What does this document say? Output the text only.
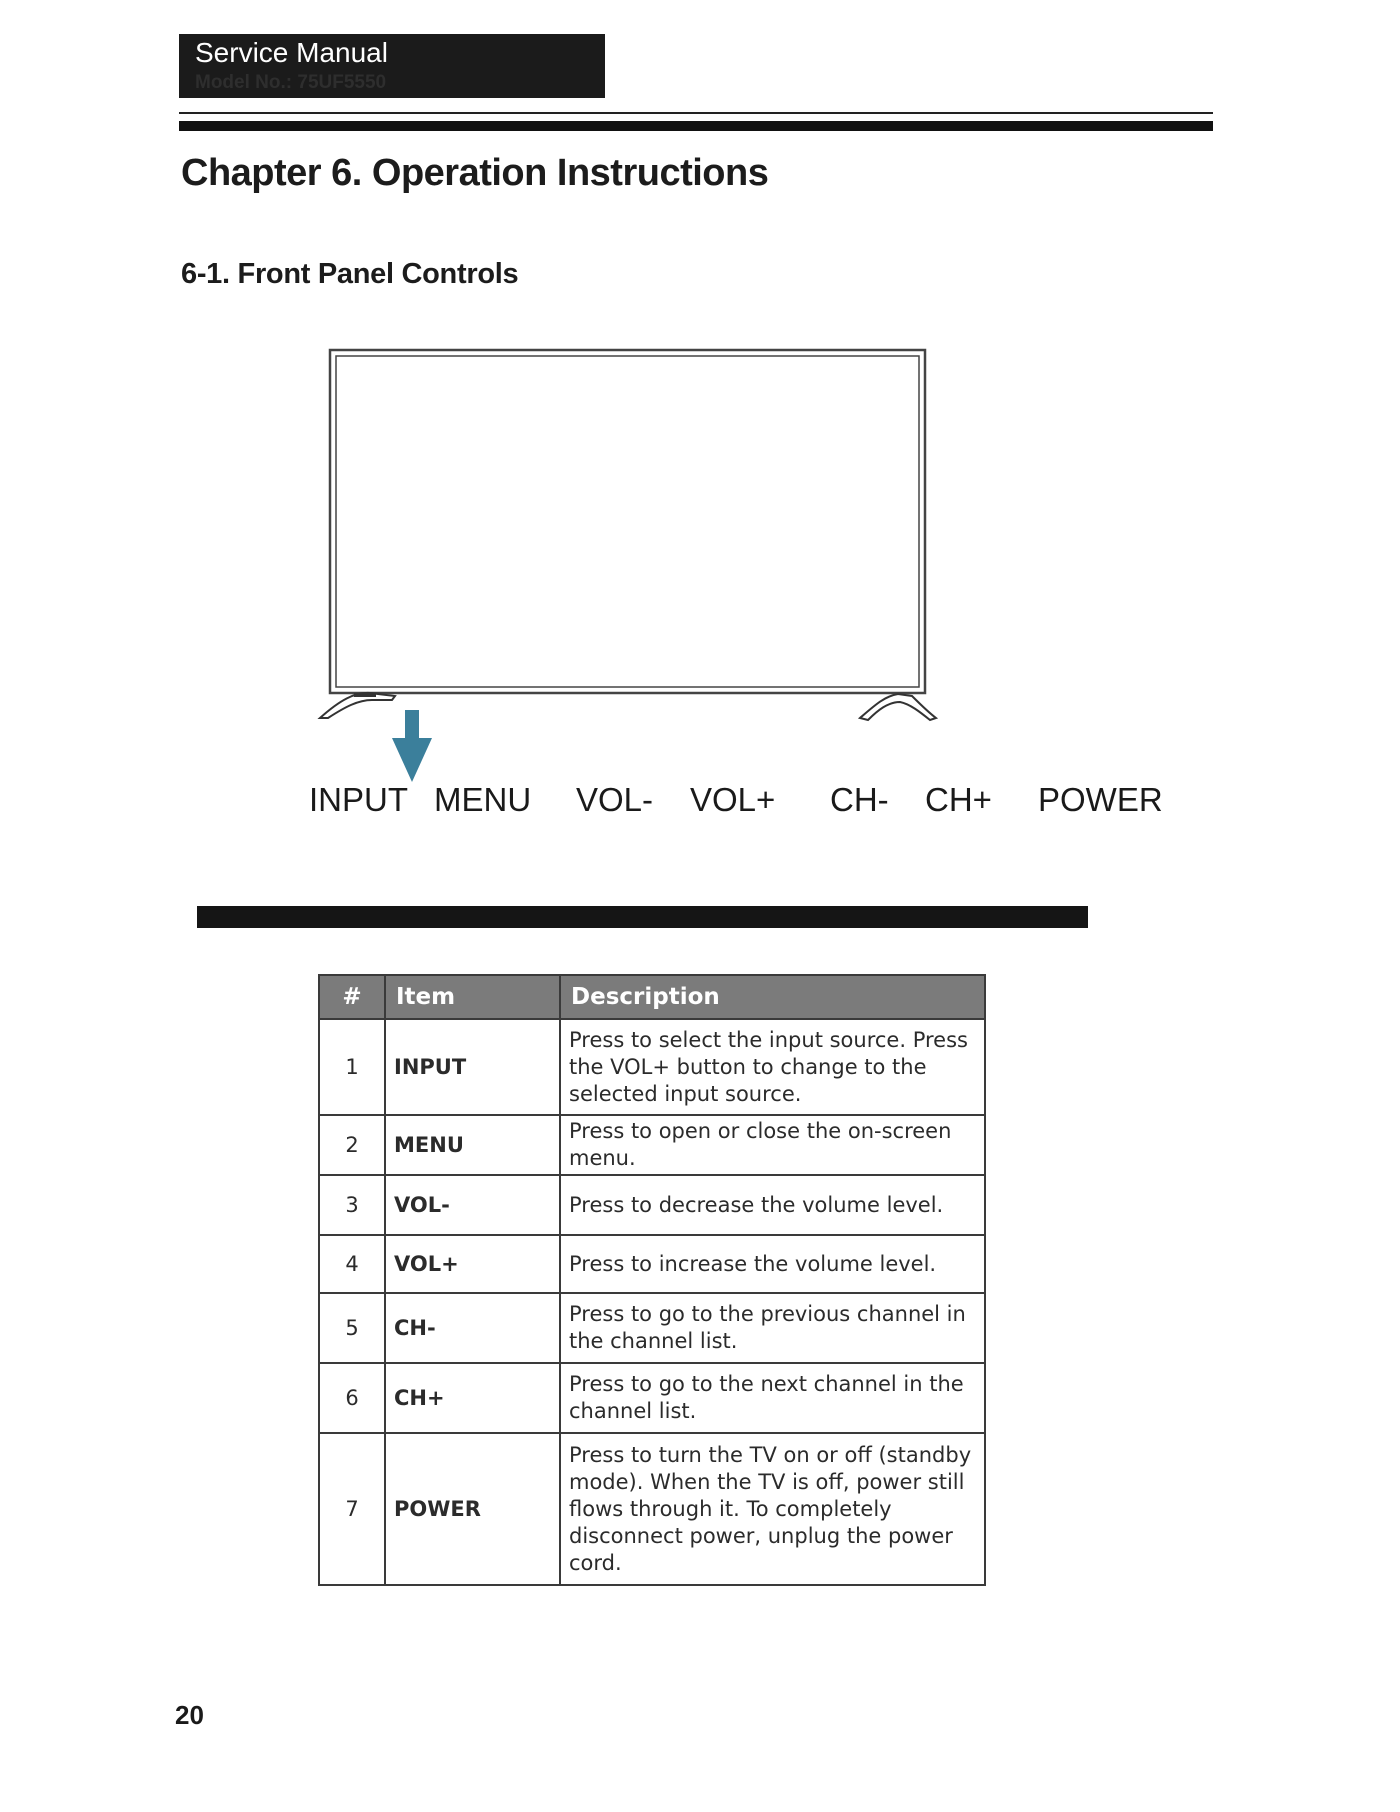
Service Manual
Model No.: 75UF5550
Chapter 6. Operation Instructions
6-1. Front Panel Controls
INPUT MENU VOL- VOL+ CH- CH+ POWER
#	Item	Description
1	INPUT	Press to select the input source. Press the VOL+ button to change to the selected input source.
2	MENU	Press to open or close the on-screen menu.
3	VOL-	Press to decrease the volume level.
4	VOL+	Press to increase the volume level.
5	CH-	Press to go to the previous channel in the channel list.
6	CH+	Press to go to the next channel in the channel list.
7	POWER	Press to turn the TV on or off (standby mode). When the TV is off, power still flows through it. To completely disconnect power, unplug the power cord.
20
